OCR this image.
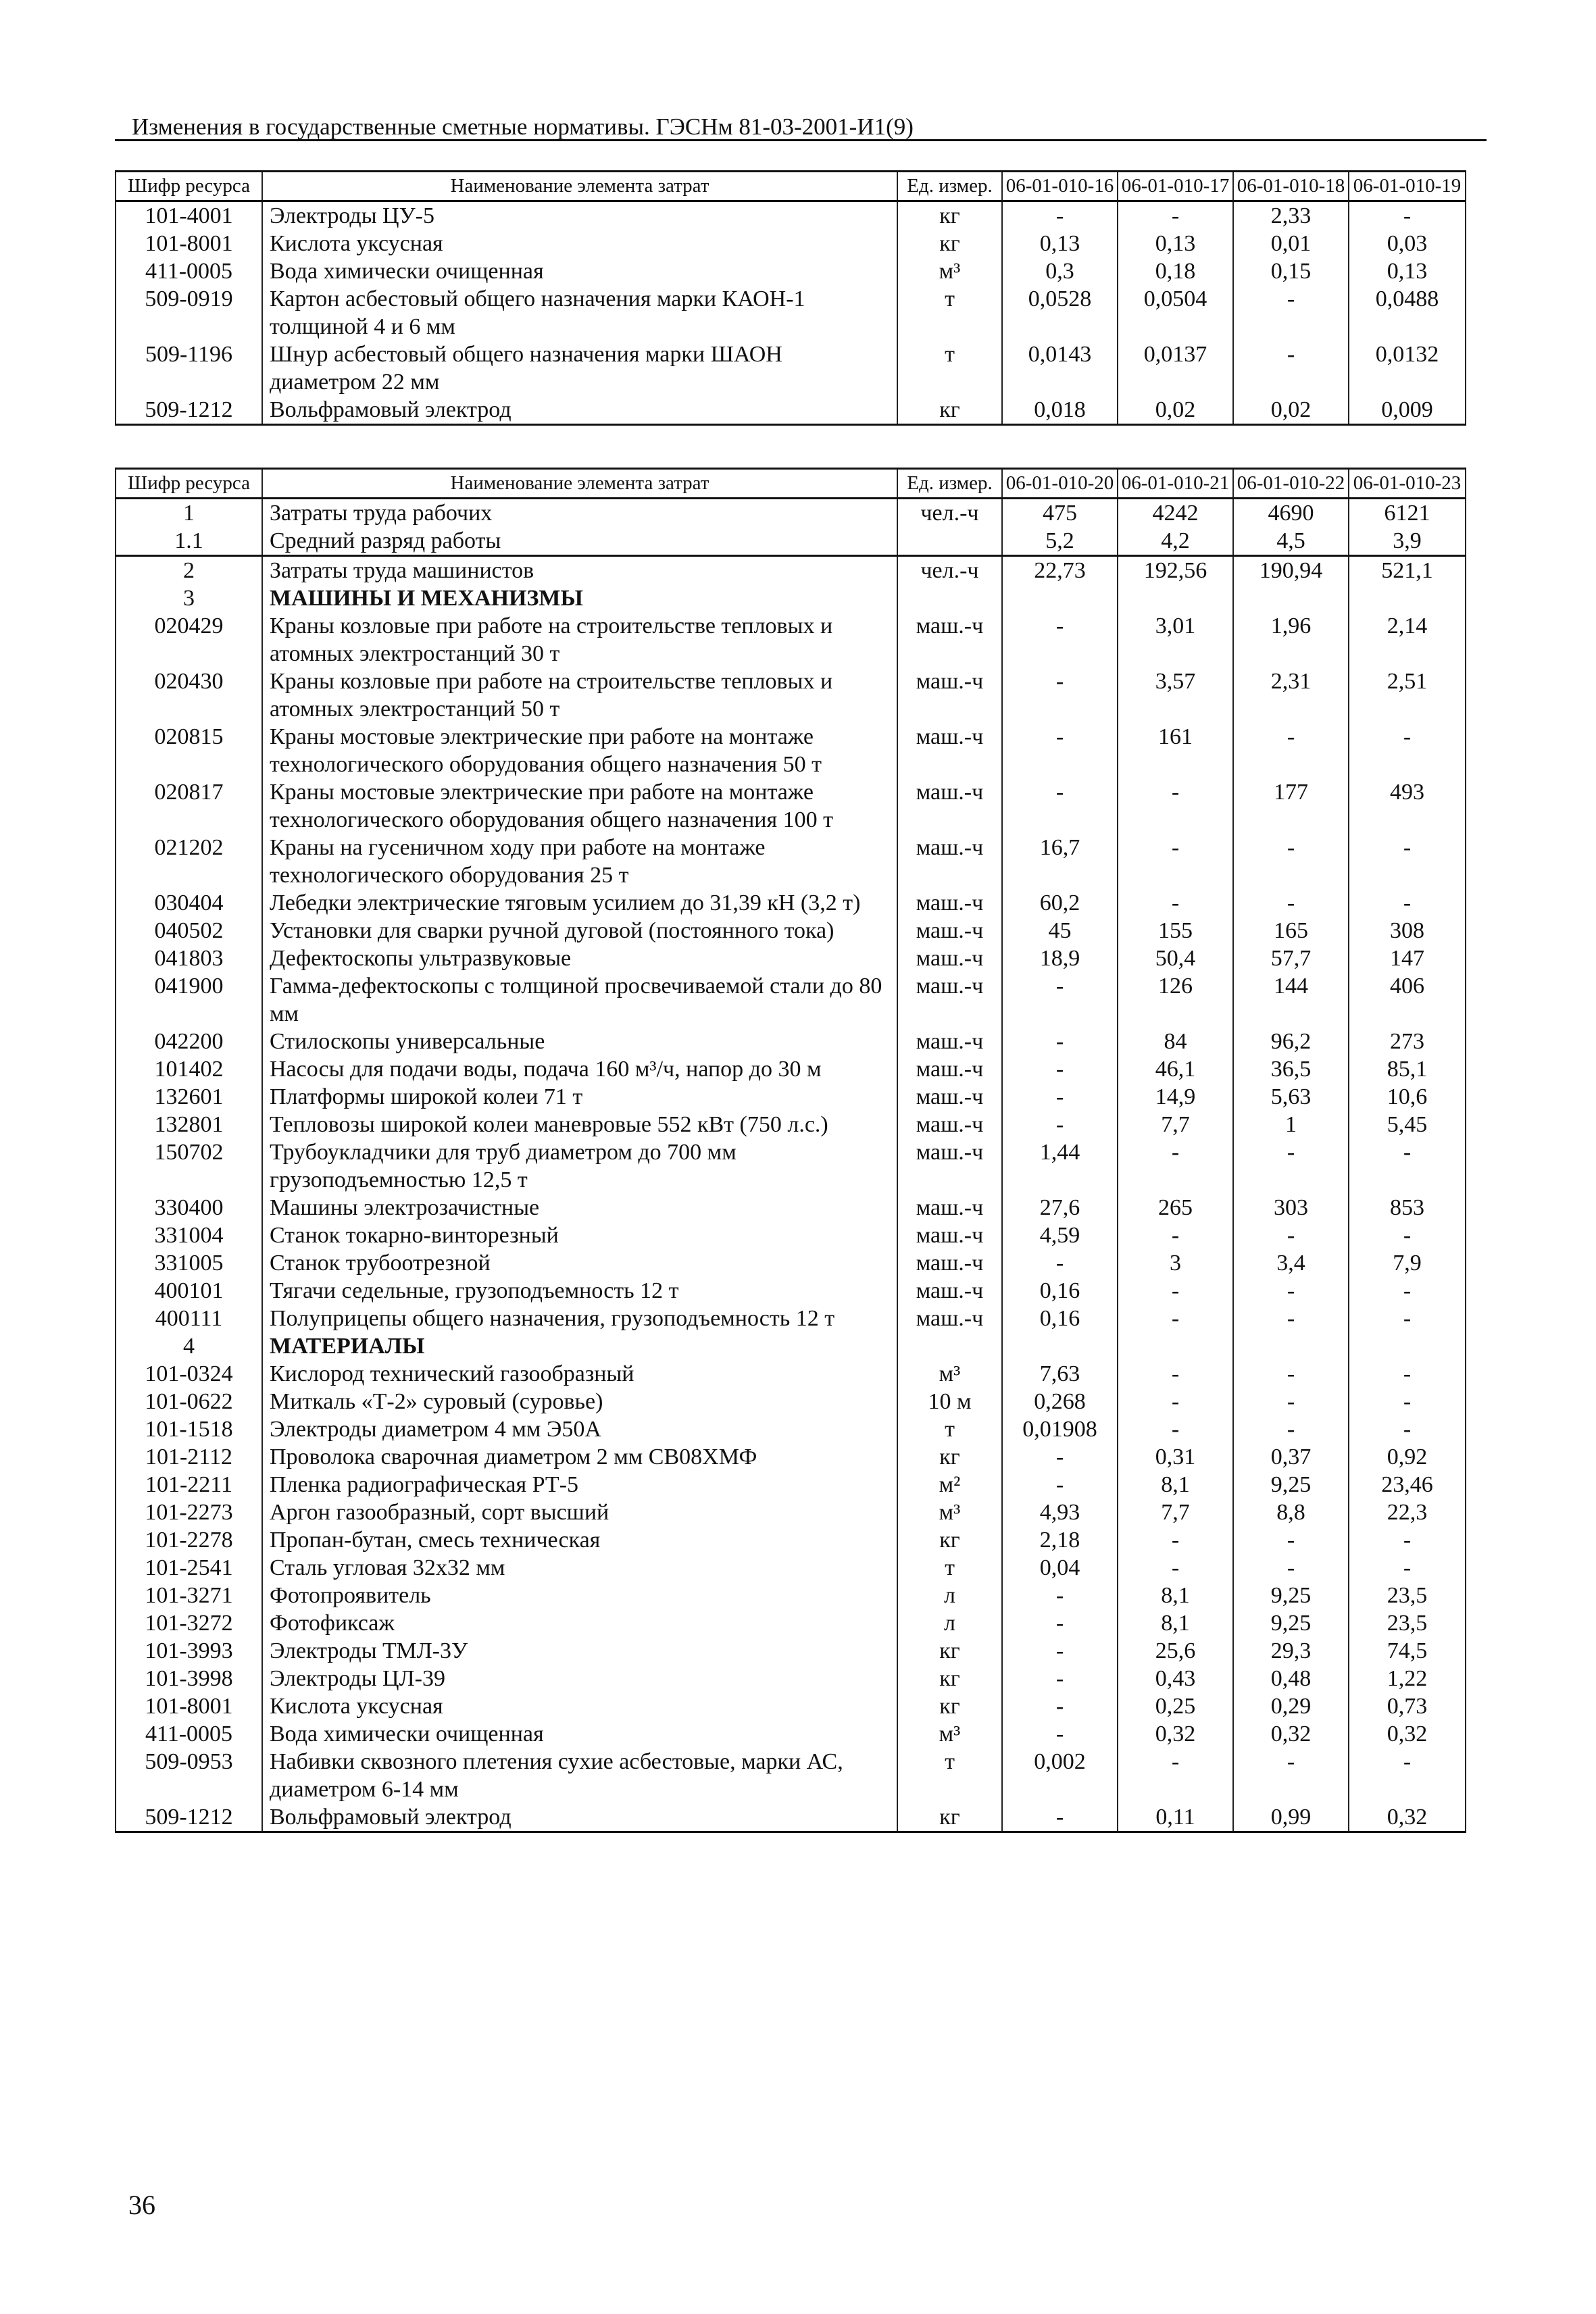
Изменения в государственные сметные нормативы. ГЭСНм 81-03-2001-И1(9)
Шифр ресурса	Наименование элемента затрат	Ед. измер.	06-01-010-16	06-01-010-17	06-01-010-18	06-01-010-19
101-4001	Электроды ЦУ-5	кг	-	-	2,33	-
101-8001	Кислота уксусная	кг	0,13	0,13	0,01	0,03
411-0005	Вода химически очищенная	м³	0,3	0,18	0,15	0,13
509-0919	Картон асбестовый общего назначения марки КАОН-1 толщиной 4 и 6 мм	т	0,0528	0,0504	-	0,0488
509-1196	Шнур асбестовый общего назначения марки ШАОН диаметром 22 мм	т	0,0143	0,0137	-	0,0132
509-1212	Вольфрамовый электрод	кг	0,018	0,02	0,02	0,009
Шифр ресурса	Наименование элемента затрат	Ед. измер.	06-01-010-20	06-01-010-21	06-01-010-22	06-01-010-23
1	Затраты труда рабочих	чел.-ч	475	4242	4690	6121
1.1	Средний разряд работы		5,2	4,2	4,5	3,9
2	Затраты труда машинистов	чел.-ч	22,73	192,56	190,94	521,1
3	МАШИНЫ И МЕХАНИЗМЫ					
020429	Краны козловые при работе на строительстве тепловых и атомных электростанций 30 т	маш.-ч	-	3,01	1,96	2,14
020430	Краны козловые при работе на строительстве тепловых и атомных электростанций 50 т	маш.-ч	-	3,57	2,31	2,51
020815	Краны мостовые электрические при работе на монтаже технологического оборудования общего назначения 50 т	маш.-ч	-	161	-	-
020817	Краны мостовые электрические при работе на монтаже технологического оборудования общего назначения 100 т	маш.-ч	-	-	177	493
021202	Краны на гусеничном ходу при работе на монтаже технологического оборудования 25 т	маш.-ч	16,7	-	-	-
030404	Лебедки электрические тяговым усилием до 31,39 кН (3,2 т)	маш.-ч	60,2	-	-	-
040502	Установки для сварки ручной дуговой (постоянного тока)	маш.-ч	45	155	165	308
041803	Дефектоскопы ультразвуковые	маш.-ч	18,9	50,4	57,7	147
041900	Гамма-дефектоскопы с толщиной просвечиваемой стали до 80 мм	маш.-ч	-	126	144	406
042200	Стилоскопы универсальные	маш.-ч	-	84	96,2	273
101402	Насосы для подачи воды, подача 160 м³/ч, напор до 30 м	маш.-ч	-	46,1	36,5	85,1
132601	Платформы широкой колеи 71 т	маш.-ч	-	14,9	5,63	10,6
132801	Тепловозы широкой колеи маневровые 552 кВт (750 л.с.)	маш.-ч	-	7,7	1	5,45
150702	Трубоукладчики для труб диаметром до 700 мм грузоподъемностью 12,5 т	маш.-ч	1,44	-	-	-
330400	Машины электрозачистные	маш.-ч	27,6	265	303	853
331004	Станок токарно-винторезный	маш.-ч	4,59	-	-	-
331005	Станок трубоотрезной	маш.-ч	-	3	3,4	7,9
400101	Тягачи седельные, грузоподъемность 12 т	маш.-ч	0,16	-	-	-
400111	Полуприцепы общего назначения, грузоподъемность 12 т	маш.-ч	0,16	-	-	-
4	МАТЕРИАЛЫ					
101-0324	Кислород технический газообразный	м³	7,63	-	-	-
101-0622	Миткаль «Т-2» суровый (суровье)	10 м	0,268	-	-	-
101-1518	Электроды диаметром 4 мм Э50А	т	0,01908	-	-	-
101-2112	Проволока сварочная диаметром 2 мм СВ08ХМФ	кг	-	0,31	0,37	0,92
101-2211	Пленка радиографическая РТ-5	м²	-	8,1	9,25	23,46
101-2273	Аргон газообразный, сорт высший	м³	4,93	7,7	8,8	22,3
101-2278	Пропан-бутан, смесь техническая	кг	2,18	-	-	-
101-2541	Сталь угловая 32х32 мм	т	0,04	-	-	-
101-3271	Фотопроявитель	л	-	8,1	9,25	23,5
101-3272	Фотофиксаж	л	-	8,1	9,25	23,5
101-3993	Электроды ТМЛ-3У	кг	-	25,6	29,3	74,5
101-3998	Электроды ЦЛ-39	кг	-	0,43	0,48	1,22
101-8001	Кислота уксусная	кг	-	0,25	0,29	0,73
411-0005	Вода химически очищенная	м³	-	0,32	0,32	0,32
509-0953	Набивки сквозного плетения сухие асбестовые, марки АС, диаметром 6-14 мм	т	0,002	-	-	-
509-1212	Вольфрамовый электрод	кг	-	0,11	0,99	0,32
36
